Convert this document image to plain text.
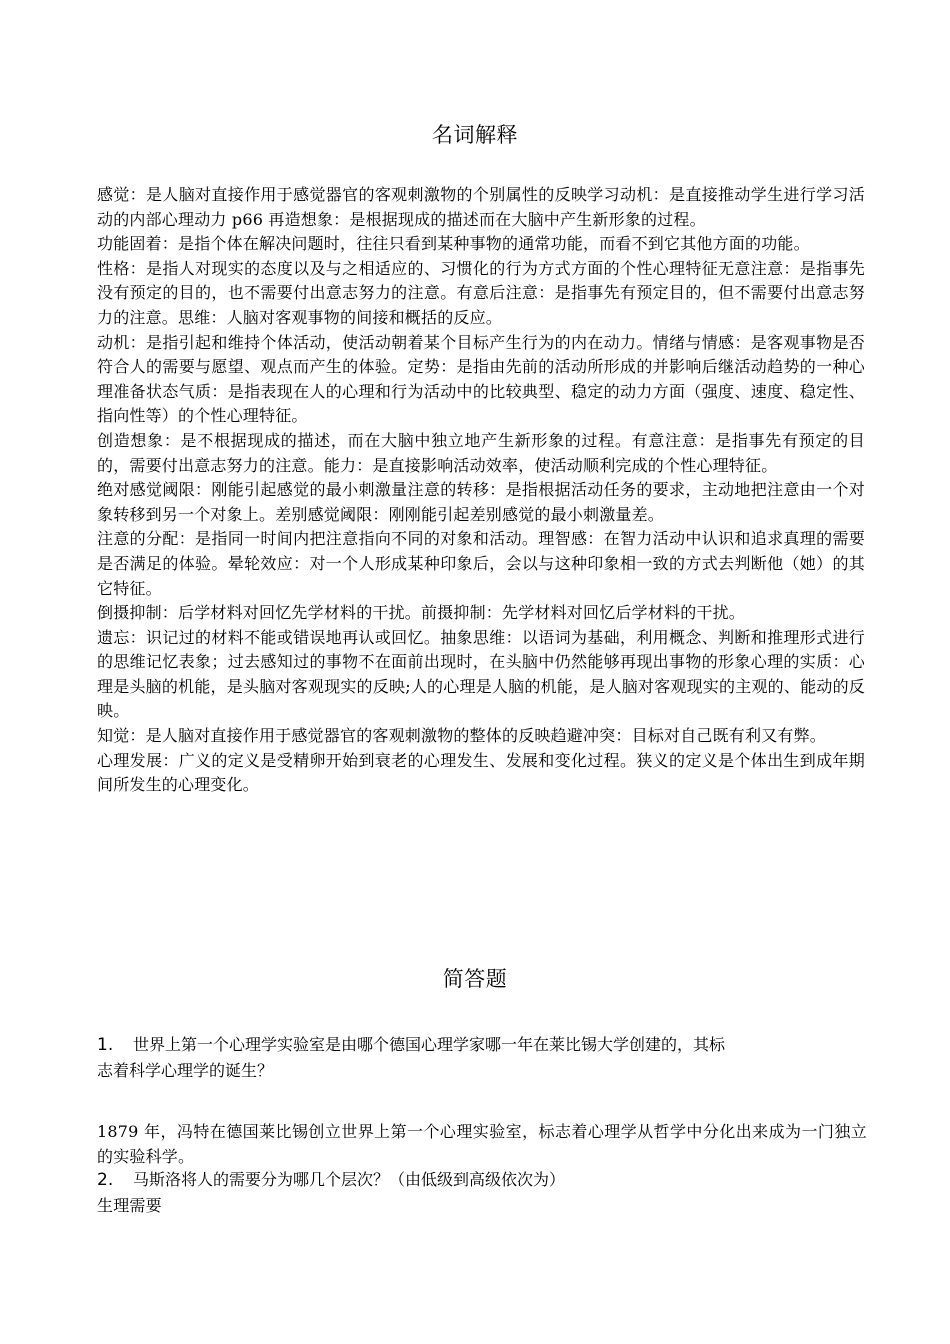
名词解释

感觉：是人脑对直接作用于感觉器官的客观刺激物的个别属性的反映学习动机：是直接推动学生进行学习活动的内部心理动力 p66 再造想象：是根据现成的描述而在大脑中产生新形象的过程。

功能固着：是指个体在解决问题时，往往只看到某种事物的通常功能，而看不到它其他方面的功能。

性格：是指人对现实的态度以及与之相适应的、习惯化的行为方式方面的个性心理特征无意注意：是指事先没有预定的目的，也不需要付出意志努力的注意。有意后注意：是指事先有预定目的，但不需要付出意志努力的注意。思维：人脑对客观事物的间接和概括的反应。

动机：是指引起和维持个体活动，使活动朝着某个目标产生行为的内在动力。情绪与情感：是客观事物是否符合人的需要与愿望、观点而产生的体验。定势：是指由先前的活动所形成的并影响后继活动趋势的一种心理准备状态气质：是指表现在人的心理和行为活动中的比较典型、稳定的动力方面（强度、速度、稳定性、指向性等）的个性心理特征。

创造想象：是不根据现成的描述，而在大脑中独立地产生新形象的过程。有意注意：是指事先有预定的目的，需要付出意志努力的注意。能力：是直接影响活动效率，使活动顺利完成的个性心理特征。

绝对感觉阈限：刚能引起感觉的最小刺激量注意的转移：是指根据活动任务的要求，主动地把注意由一个对象转移到另一个对象上。差别感觉阈限：刚刚能引起差别感觉的最小刺激量差。

注意的分配：是指同一时间内把注意指向不同的对象和活动。理智感：在智力活动中认识和追求真理的需要是否满足的体验。晕轮效应：对一个人形成某种印象后，会以与这种印象相一致的方式去判断他（她）的其它特征。

倒摄抑制：后学材料对回忆先学材料的干扰。前摄抑制：先学材料对回忆后学材料的干扰。

遗忘：识记过的材料不能或错误地再认或回忆。抽象思维：以语词为基础，利用概念、判断和推理形式进行的思维记忆表象；过去感知过的事物不在面前出现时，在头脑中仍然能够再现出事物的形象心理的实质：心理是头脑的机能，是头脑对客观现实的反映;人的心理是人脑的机能，是人脑对客观现实的主观的、能动的反映。

知觉：是人脑对直接作用于感觉器官的客观刺激物的整体的反映趋避冲突：目标对自己既有利又有弊。

心理发展：广义的定义是受精卵开始到衰老的心理发生、发展和变化过程。狭义的定义是个体出生到成年期间所发生的心理变化。

简答题

1. 世界上第一个心理学实验室是由哪个德国心理学家哪一年在莱比锡大学创建的，其标

志着科学心理学的诞生？

1879 年，冯特在德国莱比锡创立世界上第一个心理实验室，标志着心理学从哲学中分化出来成为一门独立的实验科学。

2. 马斯洛将人的需要分为哪几个层次？（由低级到高级依次为）

生理需要
